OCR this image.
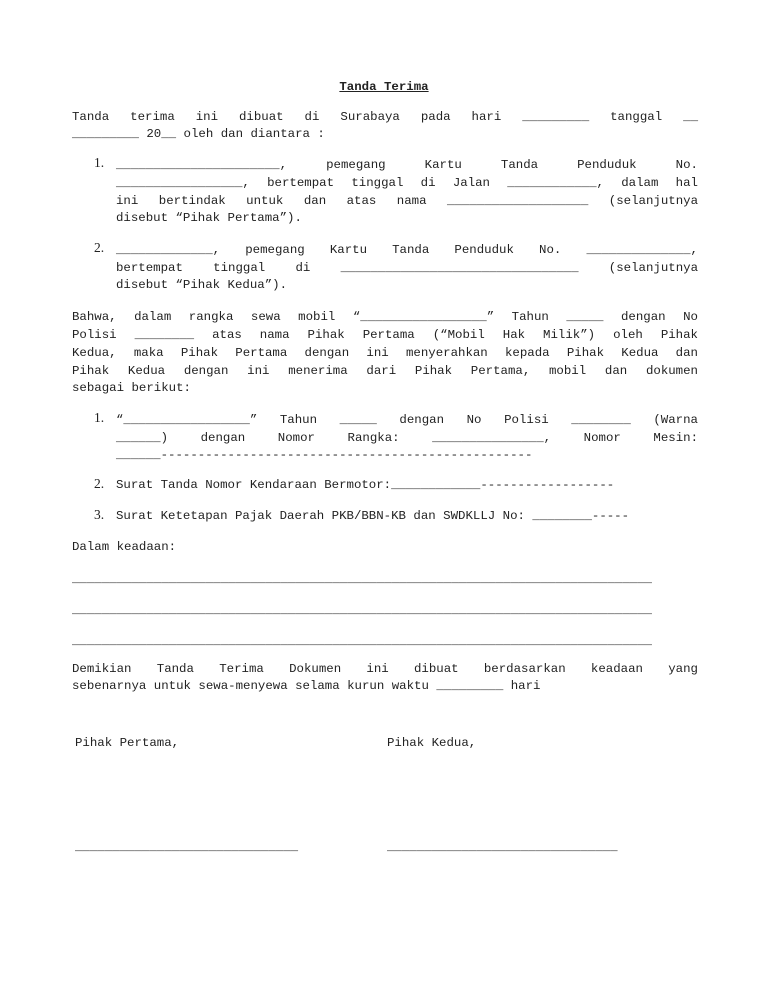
Tanda Terima
Tanda terima ini dibuat di Surabaya pada hari _________ tanggal __
_________ 20__ oleh dan diantara :
1. ______________________, pemegang Kartu Tanda Penduduk No.
_________________, bertempat tinggal di Jalan ____________, dalam hal
ini bertindak untuk dan atas nama ___________________ (selanjutnya
disebut “Pihak Pertama”).
2. _____________, pemegang Kartu Tanda Penduduk No. ______________,
bertempat tinggal di ________________________________ (selanjutnya
disebut “Pihak Kedua”).
Bahwa, dalam rangka sewa mobil “_________________” Tahun _____ dengan No
Polisi ________ atas nama Pihak Pertama (“Mobil Hak Milik”) oleh Pihak
Kedua, maka Pihak Pertama dengan ini menyerahkan kepada Pihak Kedua dan
Pihak Kedua dengan ini menerima dari Pihak Pertama, mobil dan dokumen
sebagai berikut:
1. “_________________” Tahun _____ dengan No Polisi ________ (Warna
______) dengan Nomor Rangka: _______________, Nomor Mesin:
______--------------------------------------------------
2. Surat Tanda Nomor Kendaraan Bermotor:____________------------------
3. Surat Ketetapan Pajak Daerah PKB/BBN-KB dan SWDKLLJ No: ________-----
Dalam keadaan:
______________________________________________________________________________
______________________________________________________________________________
______________________________________________________________________________
Demikian Tanda Terima Dokumen ini dibuat berdasarkan keadaan yang
sebenarnya untuk sewa-menyewa selama kurun waktu _________ hari
Pihak Pertama,	Pihak Kedua,
______________________________	_______________________________
